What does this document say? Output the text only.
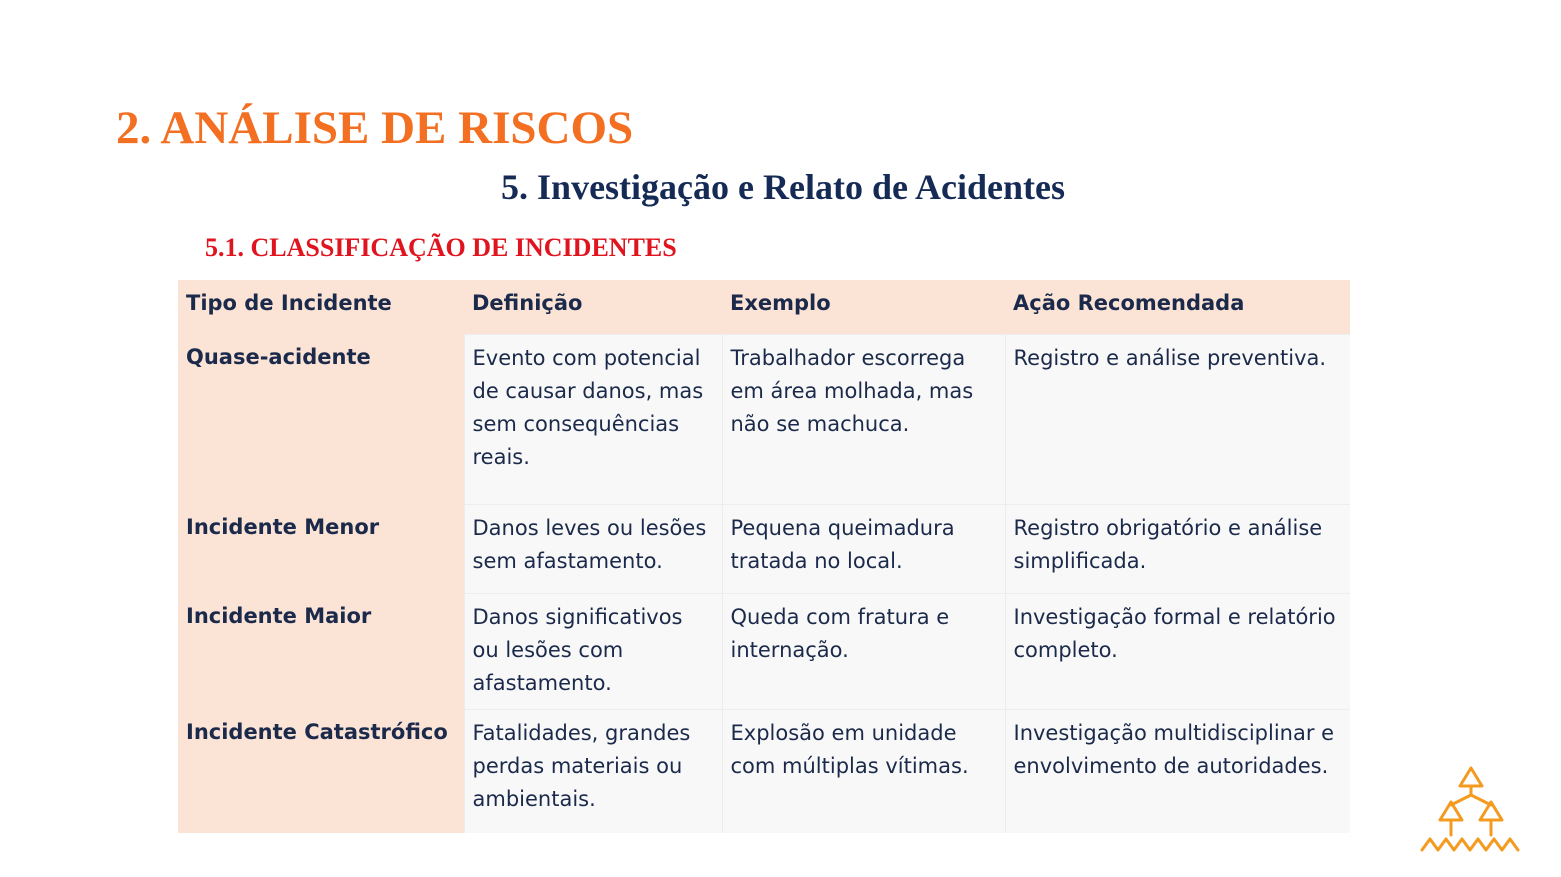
2. ANÁLISE DE RISCOS
5. Investigação e Relato de Acidentes
5.1. CLASSIFICAÇÃO DE INCIDENTES
Tipo de Incidente	Definição	Exemplo	Ação Recomendada
Quase-acidente	Evento com potencial de causar danos, mas sem consequências reais.	Trabalhador escorrega em área molhada, mas não se machuca.	Registro e análise preventiva.
Incidente Menor	Danos leves ou lesões sem afastamento.	Pequena queimadura tratada no local.	Registro obrigatório e análise simplificada.
Incidente Maior	Danos significativos ou lesões com afastamento.	Queda com fratura e internação.	Investigação formal e relatório completo.
Incidente Catastrófico	Fatalidades, grandes perdas materiais ou ambientais.	Explosão em unidade com múltiplas vítimas.	Investigação multidisciplinar e envolvimento de autoridades.
